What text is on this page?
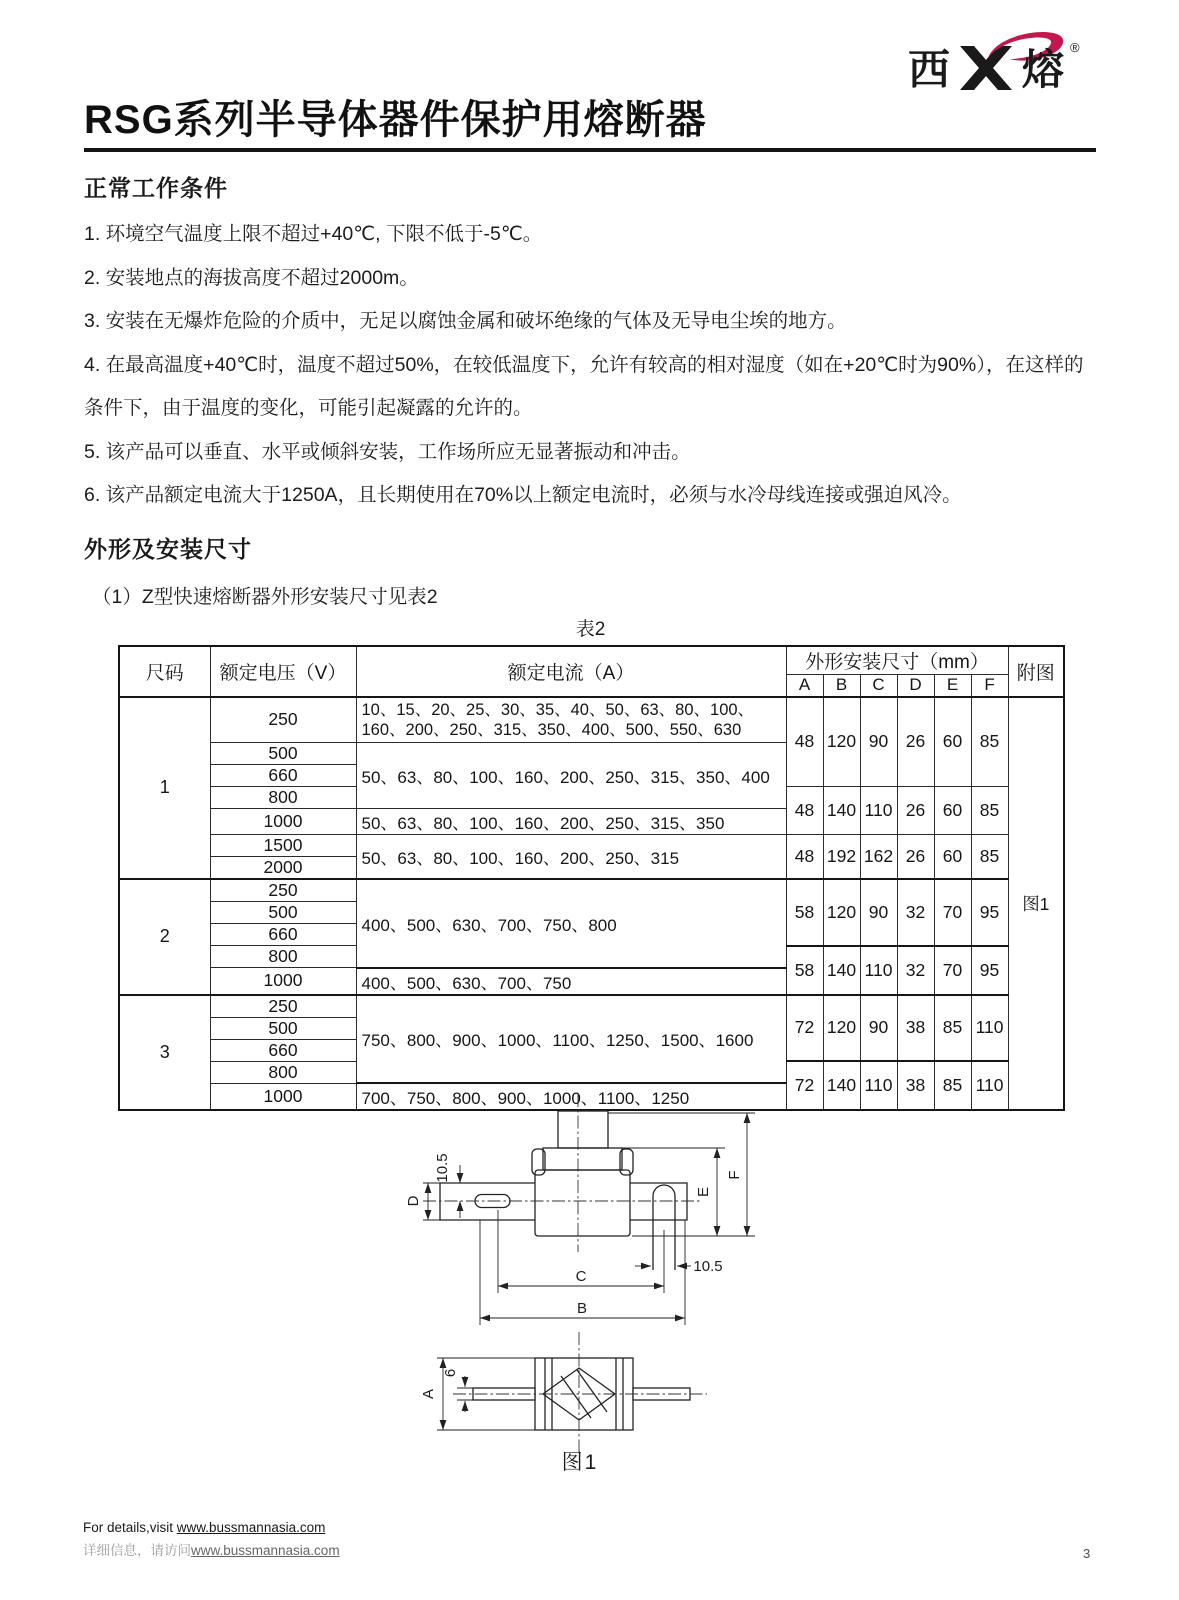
西 熔 ®
RSG系列半导体器件保护用熔断器
正常工作条件

1. 环境空气温度上限不超过+40℃, 下限不低于-5℃。

2. 安装地点的海拔高度不超过2000m。

3. 安装在无爆炸危险的介质中，无足以腐蚀金属和破坏绝缘的气体及无导电尘埃的地方。

4. 在最高温度+40℃时，温度不超过50%，在较低温度下，允许有较高的相对湿度（如在+20℃时为90%），在这样的条件下，由于温度的变化，可能引起凝露的允许的。

5. 该产品可以垂直、水平或倾斜安装，工作场所应无显著振动和冲击。

6. 该产品额定电流大于1250A，且长期使用在70%以上额定电流时，必须与水冷母线连接或强迫风冷。

外形及安装尺寸
（1）Z型快速熔断器外形安装尺寸见表2
表2
尺码	额定电压（V）	额定电流（A）	外形安装尺寸（mm）						附图
			A	B	C	D	E	F	
1	250	10、15、20、25、30、35、40、50、63、80、100、160、200、250、315、350、400、500、550、630	48	120	90	26	60	85	图1
	500	50、63、80、100、160、200、250、315、350、400							
	660								
	800		48	140	110	26	60	85	
	1000	50、63、80、100、160、200、250、315、350							
	1500	50、63、80、100、160、200、250、315	48	192	162	26	60	85	
	2000								
2	250	400、500、630、700、750、800	58	120	90	32	70	95	
	500								
	660								
	800		58	140	110	32	70	95	
	1000	400、500、630、700、750							
3	250	750、800、900、1000、1100、1250、1500、1600	72	120	90	38	85	110	
	500								
	660								
	800		72	140	110	38	85	110	
	1000	700、750、800、900、1000、1100、1250							
10.5
D
E
F
10.5
C
B
A
6
图1
For details,visit www.bussmannasia.com
详细信息，请访问www.bussmannasia.com	3
